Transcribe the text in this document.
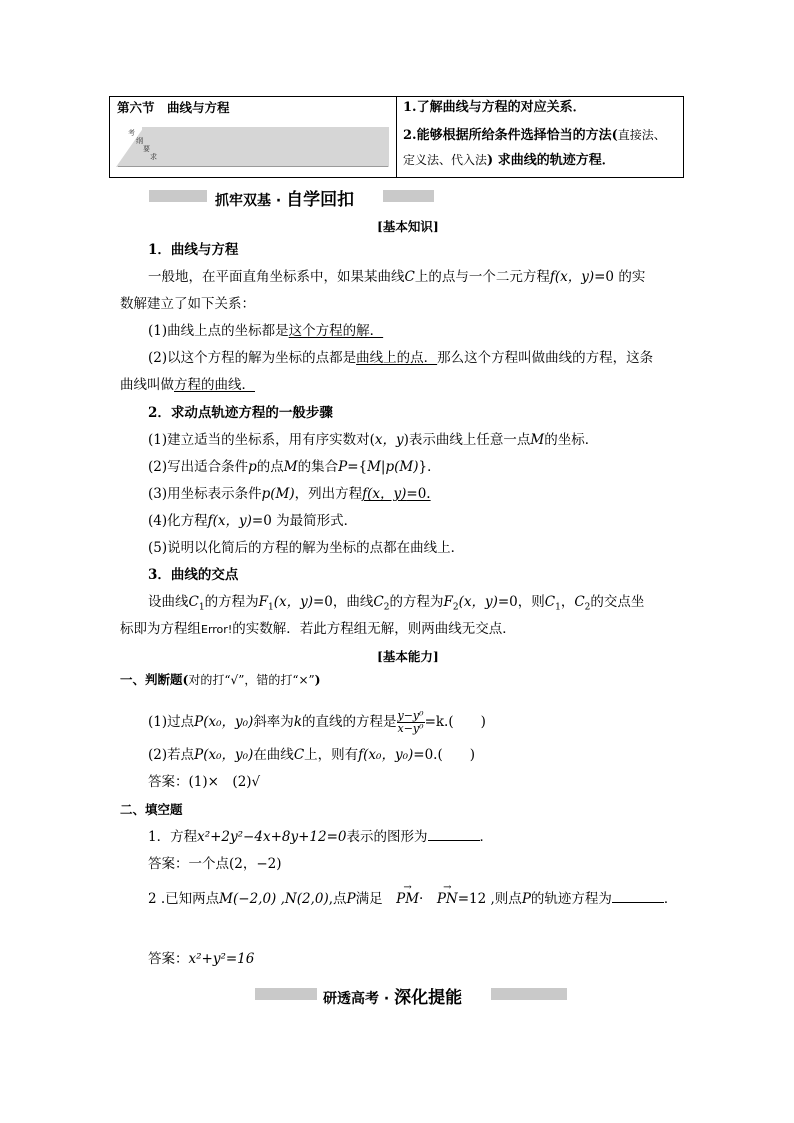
第六节　 曲线与方程
考
纲
要
求
1.了解曲线与方程的对应关系．
2.能够根据所给条件选择恰当的方法(直接法、
定义法、代入法) 求曲线的轨迹方程．
抓牢双基 · 自学回扣
[基本知识]
1．曲线与方程
一般地，在平面直角坐标系中，如果某曲线C上的点与一个二元方程f(x，y)=0 的实
数解建立了如下关系：
(1)曲线上点的坐标都是这个方程的解．
(2)以这个方程的解为坐标的点都是曲线上的点．那么这个方程叫做曲线的方程，这条
曲线叫做方程的曲线．
2．求动点轨迹方程的一般步骤
(1)建立适当的坐标系，用有序实数对(x，y)表示曲线上任意一点M的坐标．
(2)写出适合条件p的点M的集合P={M|p(M)}．
(3)用坐标表示条件p(M)，列出方程f(x，y)=0.
(4)化方程f(x，y)=0 为最简形式．
(5)说明以化简后的方程的解为坐标的点都在曲线上．
3．曲线的交点
设曲线$C_1$的方程为$F_1(x$，y)=0，曲线$C_2$的方程为$F_2(x$，y)=0，则$C_1$，$C_2$的交点坐
标即为方程组Error!的实数解．若此方程组无解，则两曲线无交点．
[基本能力]
一、判断题(对的打“√”，错的打“×”)
(1)过点P(x₀，y₀)斜率为k的直线的方程是 $\frac{\text{y−y⁰}}{\text{x−y⁰}} =k$.(　　)
(2)若点P(x₀，y₀)在曲线C上，则有f(x₀，y₀)=0.(　　)
答案：(1)×　(2)√
二、填空题
1．方程x²+2y²−4x+8y+12=0表示的图形为	．
答案：一个点(2，−2)
2 .已知两点M(−2,0) ,N(2,0),点P满足　→ PM·　→ PN=12 ,则点P的轨迹方程为	．
答案：x²+y²=16
研透高考 · 深化提能
